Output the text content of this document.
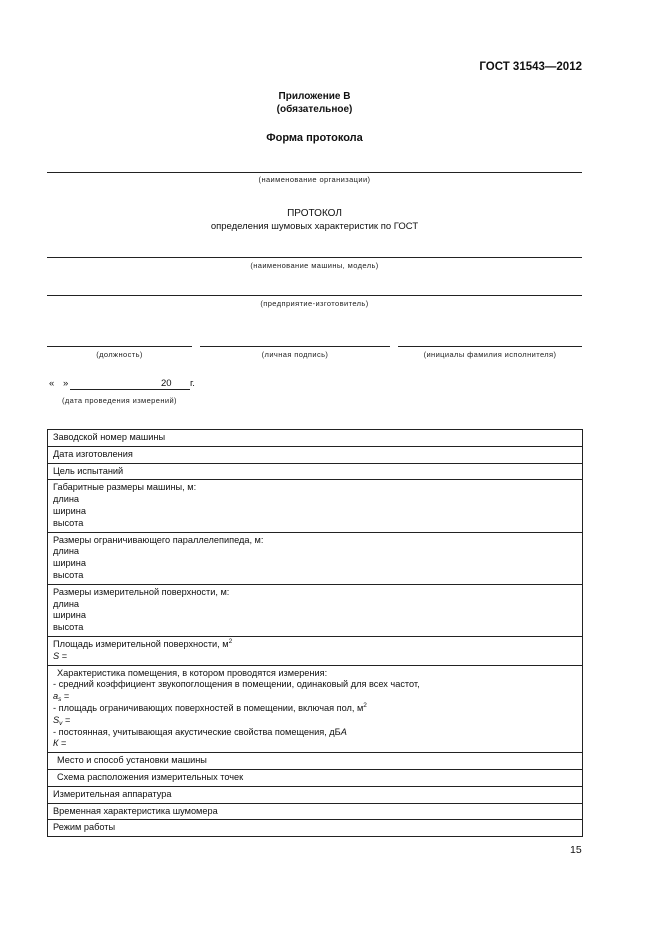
ГОСТ 31543—2012
Приложение В
(обязательное)
Форма протокола
(наименование организации)
ПРОТОКОЛ
определения шумовых характеристик по ГОСТ
(наименование машины, модель)
(предприятие-изготовитель)
(должность)	(личная подпись)	(инициалы фамилия исполнителя)
« »	20 г.
(дата проведения измерений)
Заводской номер машины

Дата изготовления

Цель испытаний

Габаритные размеры машины, м:
длина
ширина
высота

Размеры ограничивающего параллелепипеда, м:
длина
ширина
высота

Размеры измерительной поверхности, м:
длина
ширина
высота

Площадь измерительной поверхности, $м^2$
S =

Характеристика помещения, в котором проводятся измерения:
- средний коэффициент звукопоглощения в помещении, одинаковый для всех частот,
$a_s$ =
- площадь ограничивающих поверхностей в помещении, включая пол, $м^2$
$S_v$ =
- постоянная, учитывающая акустические свойства помещения, дБА
К =

Место и способ установки машины

Схема расположения измерительных точек

Измерительная аппаратура

Временная характеристика шумомера

Режим работы
15
